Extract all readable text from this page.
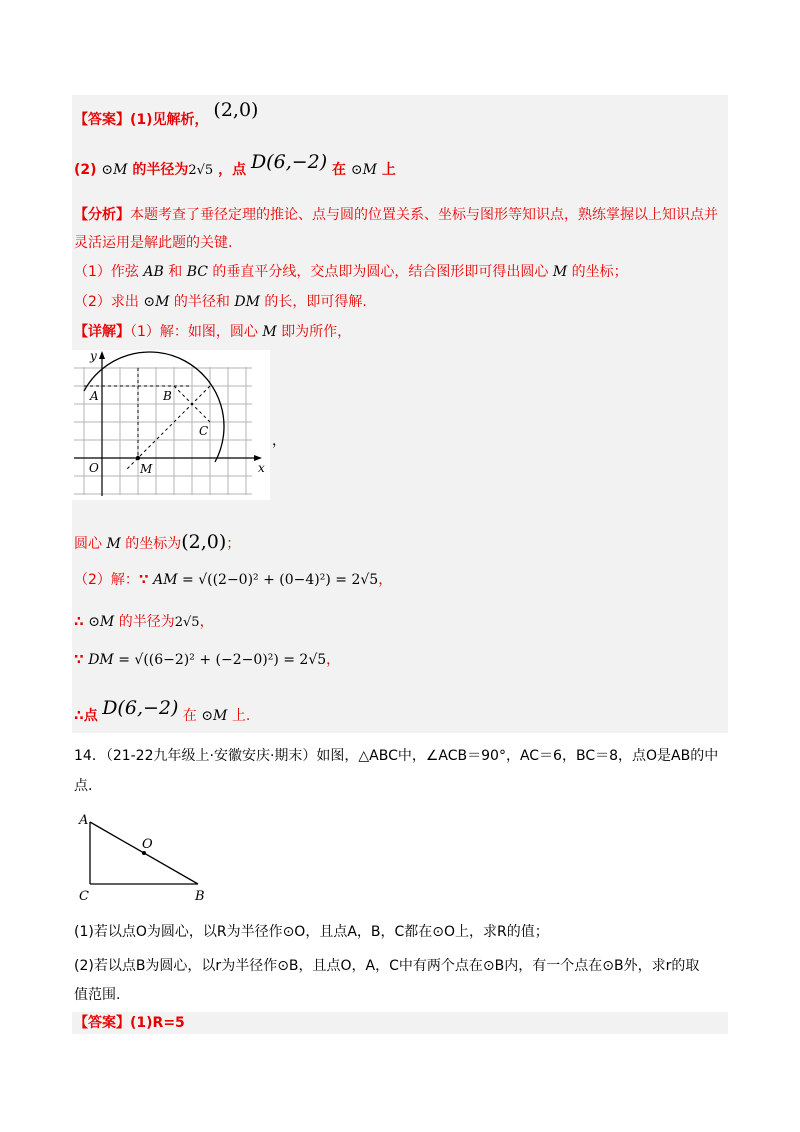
【答案】(1)见解析， (2,0)
(2) ⊙M 的半径为2√5 ，点 D(6,−2) 在 ⊙M 上
【分析】本题考查了垂径定理的推论、点与圆的位置关系、坐标与图形等知识点，熟练掌握以上知识点并
灵活运用是解此题的关键.
（1）作弦 AB 和 BC 的垂直平分线，交点即为圆心，结合图形即可得出圆心 M 的坐标；
（2）求出 ⊙M 的半径和 DM 的长，即可得解.
【详解】（1）解：如图，圆心 M 即为所作，
y
x
O	M
A	B
C
，
圆心 M 的坐标为(2,0)；
（2）解：∵ AM = √((2−0)² + (0−4)²) = 2√5，
∴ ⊙M 的半径为2√5，
∵ DM = √((6−2)² + (−2−0)²) = 2√5，
∴点 D(6,−2) 在 ⊙M 上.
14．（21-22九年级上·安徽安庆·期末）如图，△ABC中，∠ACB＝90°，AC＝6，BC＝8，点O是AB的中
点.
A
O
C	B
(1)若以点O为圆心，以R为半径作⊙O，且点A，B，C都在⊙O上，求R的值；
(2)若以点B为圆心，以r为半径作⊙B，且点O，A，C中有两个点在⊙B内，有一个点在⊙B外，求r的取
值范围.
【答案】(1)R=5
